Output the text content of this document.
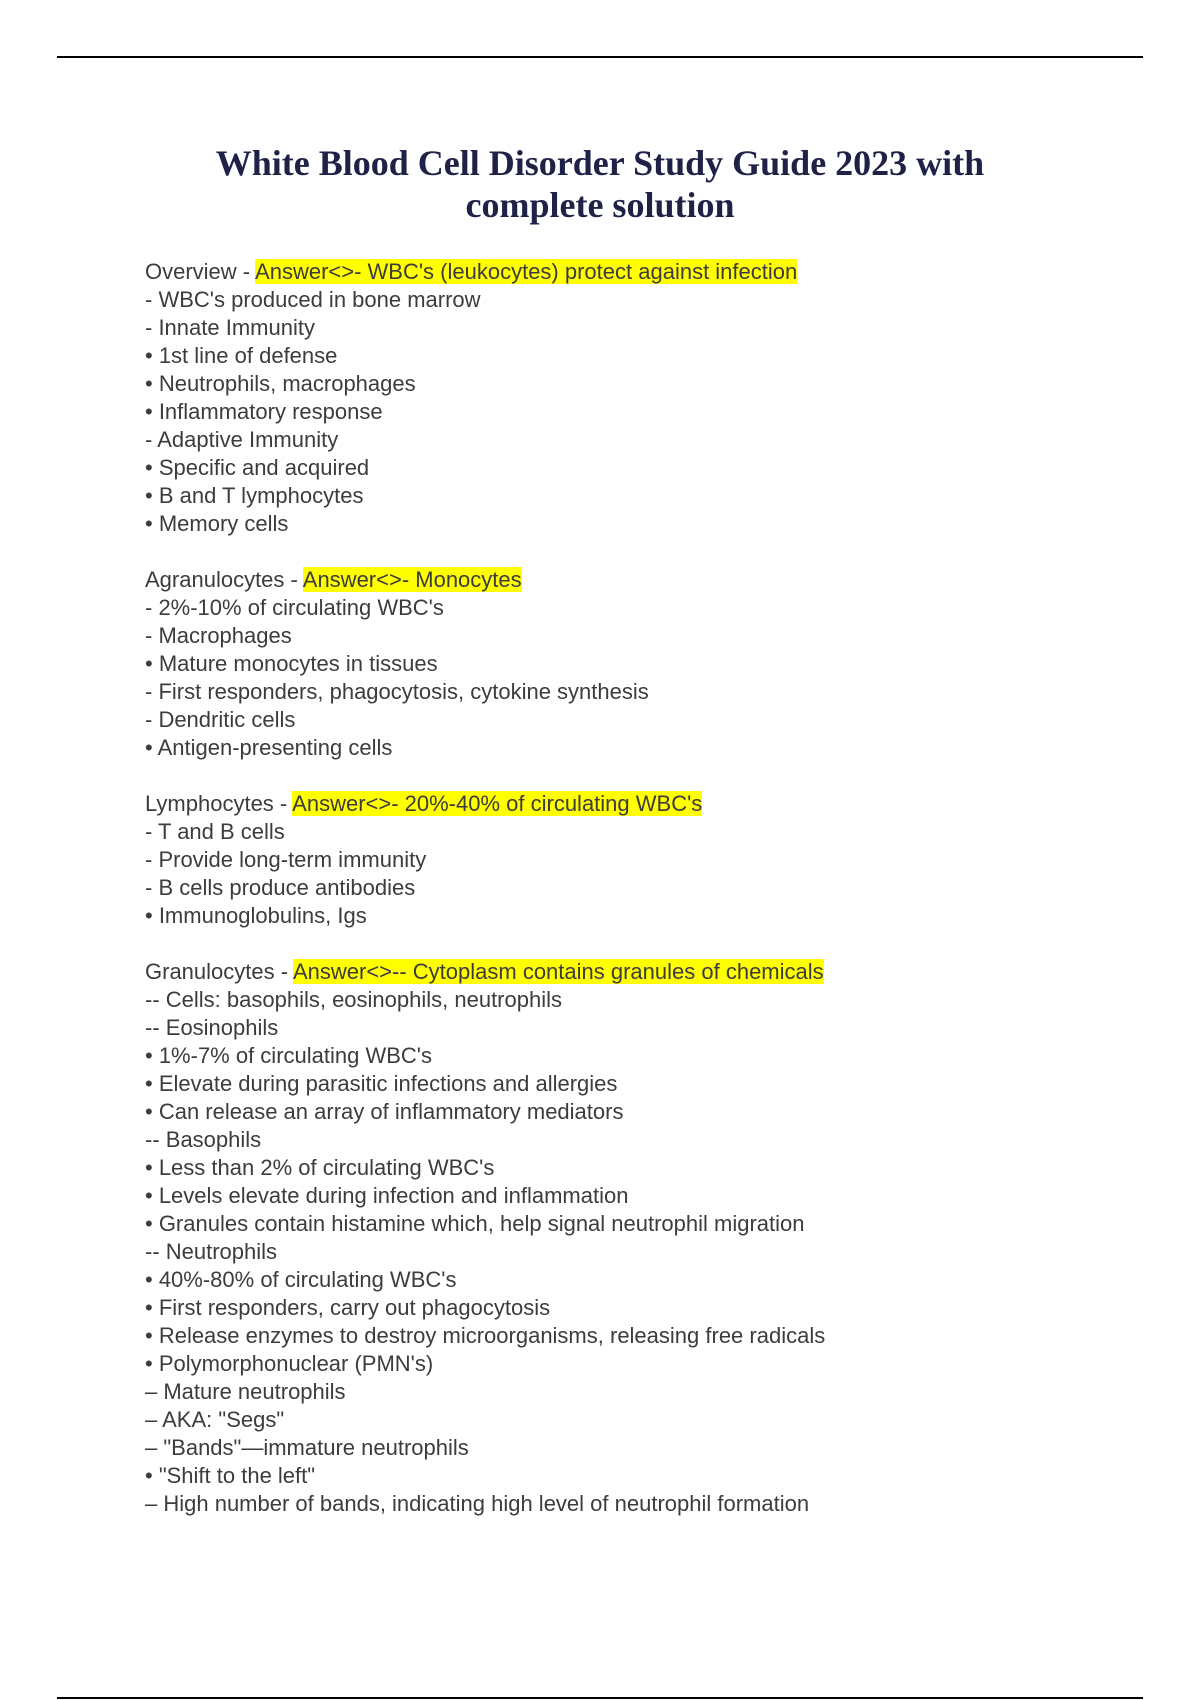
White Blood Cell Disorder Study Guide 2023 with
complete solution
Overview - Answer<>- WBC's (leukocytes) protect against infection
- WBC's produced in bone marrow
- Innate Immunity
• 1st line of defense
• Neutrophils, macrophages
• Inflammatory response
- Adaptive Immunity
• Specific and acquired
• B and T lymphocytes
• Memory cells
Agranulocytes - Answer<>- Monocytes
- 2%-10% of circulating WBC's
- Macrophages
• Mature monocytes in tissues
- First responders, phagocytosis, cytokine synthesis
- Dendritic cells
• Antigen-presenting cells
Lymphocytes - Answer<>- 20%-40% of circulating WBC's
- T and B cells
- Provide long-term immunity
- B cells produce antibodies
• Immunoglobulins, Igs
Granulocytes - Answer<>-- Cytoplasm contains granules of chemicals
-- Cells: basophils, eosinophils, neutrophils
-- Eosinophils
• 1%-7% of circulating WBC's
• Elevate during parasitic infections and allergies
• Can release an array of inflammatory mediators
-- Basophils
• Less than 2% of circulating WBC's
• Levels elevate during infection and inflammation
• Granules contain histamine which, help signal neutrophil migration
-- Neutrophils
• 40%-80% of circulating WBC's
• First responders, carry out phagocytosis
• Release enzymes to destroy microorganisms, releasing free radicals
• Polymorphonuclear (PMN's)
– Mature neutrophils
– AKA: "Segs"
– "Bands"—immature neutrophils
• "Shift to the left"
– High number of bands, indicating high level of neutrophil formation
